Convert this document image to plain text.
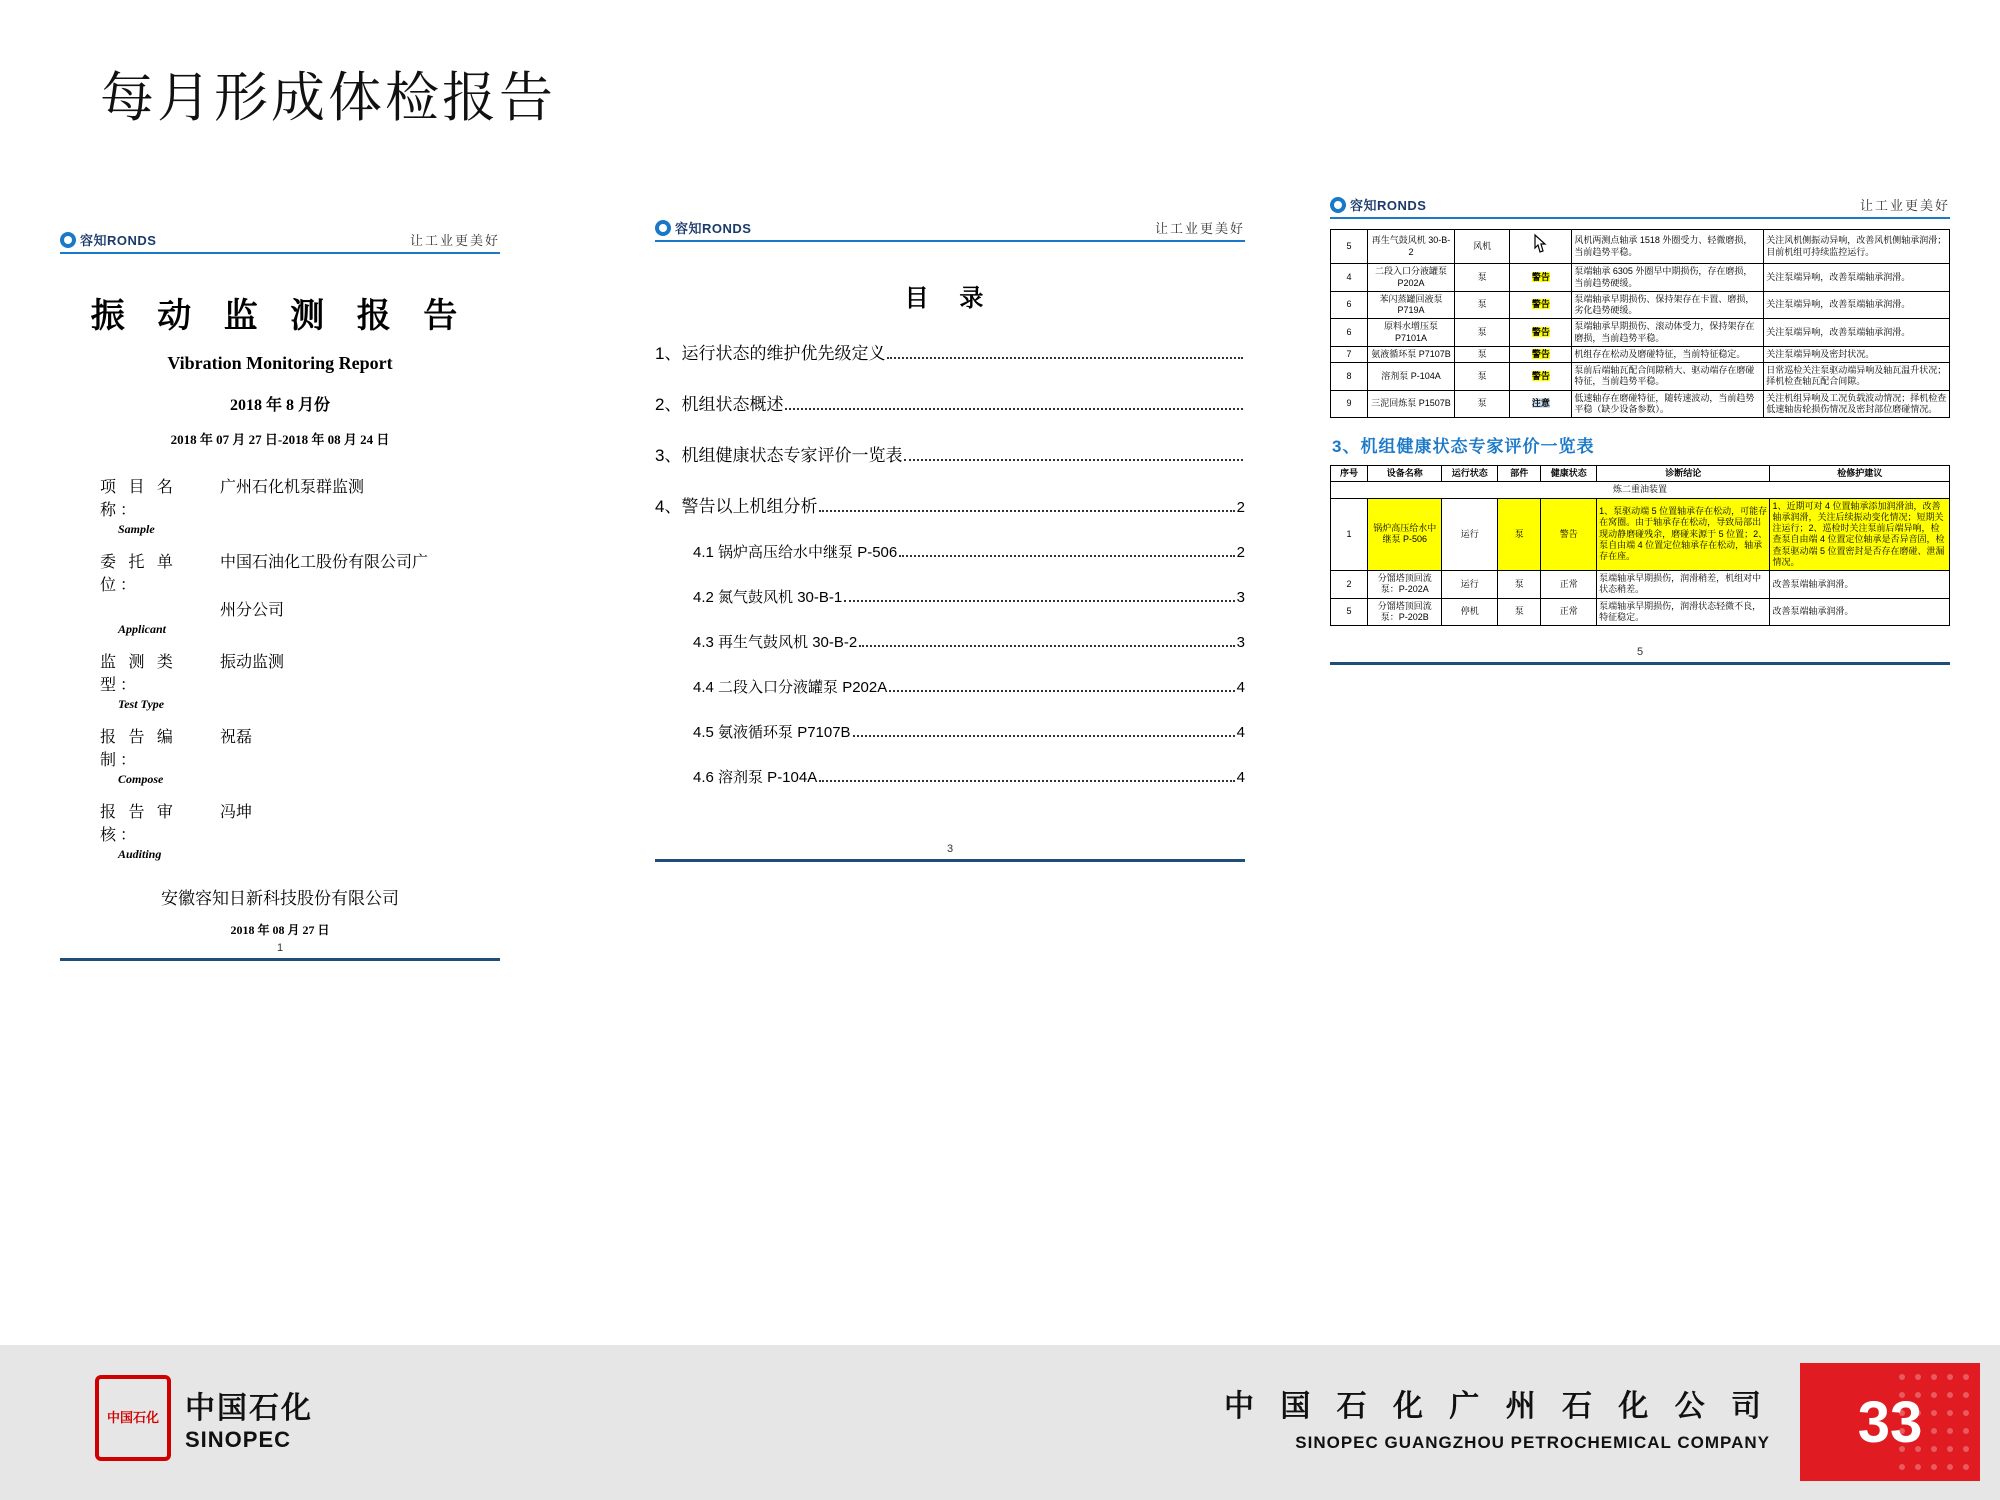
每月形成体检报告
容知RONDS	让工业更美好
振 动 监 测 报 告
Vibration Monitoring Report
2018 年 8 月份
2018 年 07 月 27 日-2018 年 08 月 24 日
项 目 名 称：
广州石化机泵群监测
Sample
委 托 单 位：
中国石油化工股份有限公司广
州分公司
Applicant
监 测 类 型：
振动监测
Test Type
报 告 编 制：
祝磊
Compose
报 告 审 核：
冯坤
Auditing
安徽容知日新科技股份有限公司
2018 年 08 月 27 日
1
容知RONDS	让工业更美好
目 录
1、运行状态的维护优先级定义
2、机组状态概述
3、机组健康状态专家评价一览表
4、警告以上机组分析	2
4.1 锅炉高压给水中继泵 P-506	2
4.2 氮气鼓风机 30-B-1	3
4.3 再生气鼓风机 30-B-2	3
4.4 二段入口分液罐泵 P202A	4
4.5 氨液循环泵 P7107B	4
4.6 溶剂泵 P-104A	4
3
容知RONDS	让工业更美好
5	再生气鼓风机 30-B-2	风机		风机两测点轴承 1518 外圈受力、轻微磨损，当前趋势平稳。	关注风机侧振动异响，改善风机侧轴承润滑；目前机组可持续监控运行。
4	二段入口分液罐泵 P202A	泵	警告	泵端轴承 6305 外圈早中期损伤，存在磨损，当前趋势硬缓。	关注泵端异响，改善泵端轴承润滑。
6	苯闪蒸罐回液泵 P719A	泵	警告	泵端轴承早期损伤、保持架存在卡置、磨损，劣化趋势硬缓。	关注泵端异响，改善泵端轴承润滑。
6	原料水增压泵 P7101A	泵	警告	泵端轴承早期损伤、滚动体受力，保持架存在磨损，当前趋势平稳。	关注泵端异响，改善泵端轴承润滑。
7	氨液循环泵 P7107B	泵	警告	机组存在松动及磨碰特征，当前特征稳定。	关注泵端异响及密封状况。
8	溶剂泵 P-104A	泵	警告	泵前后端轴瓦配合间隙稍大、驱动端存在磨碰特征，当前趋势平稳。	日常巡检关注泵驱动端异响及轴瓦温升状况；择机检查轴瓦配合间隙。
9	三泥回炼泵 P1507B	泵	注意	低速轴存在磨碰特征，随转速波动，当前趋势平稳（缺少设备参数）。	关注机组异响及工况负载波动情况；择机检查低速轴齿轮损伤情况及密封部位磨碰情况。
3、机组健康状态专家评价一览表
序号	设备名称	运行状态	部件	健康状态	诊断结论	检修护建议
炼二重油装置						
1	锅炉高压给水中继泵 P-506	运行	泵	警告	1、泵驱动端 5 位置轴承存在松动，可能存在窝圈。由于轴承存在松动，导致局部出现动静磨碰残余，磨碰来源于 5 位置；2、泵自由端 4 位置定位轴承存在松动，轴承存在座。	1、近期可对 4 位置轴承添加润滑油，改善轴承润滑，关注后续振动变化情况；短期关注运行；2、巡检时关注泵前后端异响，检查泵自由端 4 位置定位轴承是否异音固，检查泵驱动端 5 位置密封是否存在磨碰、泄漏情况。
2	分馏塔顶回流泵：P-202A	运行	泵	正常	泵端轴承早期损伤，润滑稍差，机组对中状态稍差。	改善泵端轴承润滑。
5	分馏塔顶回流泵：P-202B	停机	泵	正常	泵端轴承早期损伤，润滑状态轻微不良，特征稳定。	改善泵端轴承润滑。
5
中国石化 中国石化
SINOPEC
中 国 石 化 广 州 石 化 公 司
SINOPEC GUANGZHOU PETROCHEMICAL COMPANY 33
